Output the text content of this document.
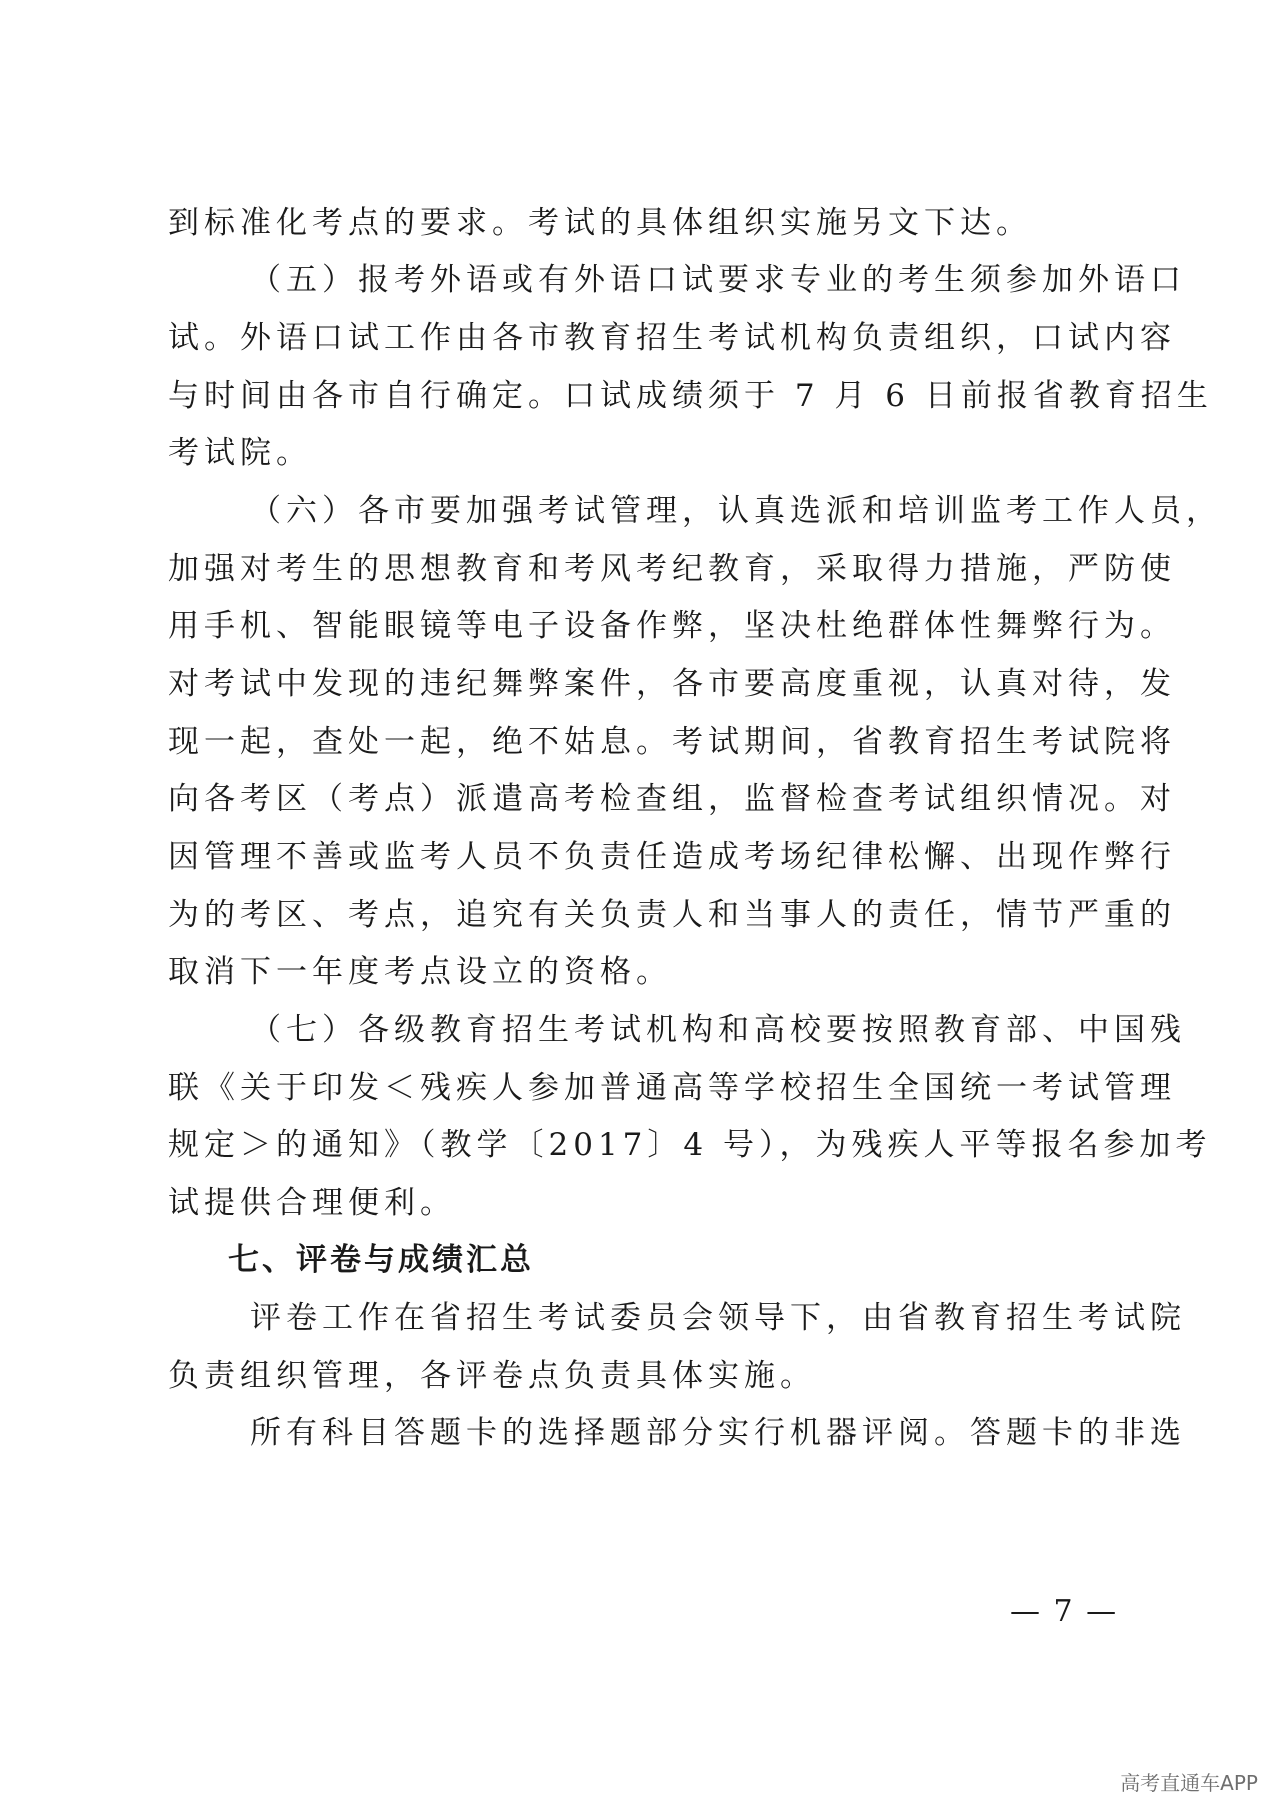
到标准化考点的要求。考试的具体组织实施另文下达。
（五）报考外语或有外语口试要求专业的考生须参加外语口
试。外语口试工作由各市教育招生考试机构负责组织，口试内容
与时间由各市自行确定。口试成绩须于 7 月 6 日前报省教育招生
考试院。
（六）各市要加强考试管理，认真选派和培训监考工作人员，
加强对考生的思想教育和考风考纪教育，采取得力措施，严防使
用手机、智能眼镜等电子设备作弊，坚决杜绝群体性舞弊行为。
对考试中发现的违纪舞弊案件，各市要高度重视，认真对待，发
现一起，查处一起，绝不姑息。考试期间，省教育招生考试院将
向各考区（考点）派遣高考检查组，监督检查考试组织情况。对
因管理不善或监考人员不负责任造成考场纪律松懈、出现作弊行
为的考区、考点，追究有关负责人和当事人的责任，情节严重的
取消下一年度考点设立的资格。
（七）各级教育招生考试机构和高校要按照教育部、中国残
联《关于印发＜残疾人参加普通高等学校招生全国统一考试管理
规定＞的通知》（教学〔2017〕4 号），为残疾人平等报名参加考
试提供合理便利。
七、评卷与成绩汇总
评卷工作在省招生考试委员会领导下，由省教育招生考试院
负责组织管理，各评卷点负责具体实施。
所有科目答题卡的选择题部分实行机器评阅。答题卡的非选
— 7 —
高考直通车APP
